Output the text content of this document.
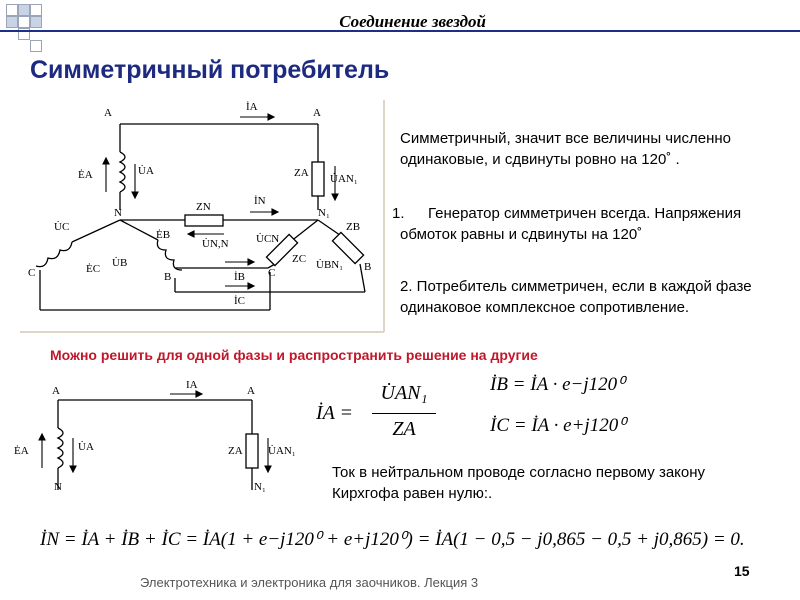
Соединение звездой
Симметричный потребитель
A	A
İA
ĖA	U̇A
N	N₁
ZA U̇AN₁
ZN	İN
U̇N,N
U̇C
ĖB
ĖC U̇B
C	B
U̇CN
ZC
ZB
U̇BN₁
C	B
İB
İC
Симметричный, значит все величины численно одинаковые, и сдвинуты ровно на 120˚ .
1.	Генератор симметричен всегда. Напряжения обмоток равны и сдвинуты на 120˚
2. Потребитель симметричен, если в каждой фазе одинаковое комплексное сопротивление.
Можно решить для одной фазы и распространить решение на другие
A	A
IA
ĖA	U̇A	ZA U̇AN₁
N	N₁
İA =
U̇AN₁
ZA
İB = İA · e−j120⁰
İC = İA · e+j120⁰
Ток в нейтральном проводе согласно первому закону Кирхгофа равен нулю:.
İN = İA + İB + İC = İA(1 + e−j120⁰ + e+j120⁰) = İA(1 − 0,5 − j0,865 − 0,5 + j0,865) = 0.
Электротехника и электроника для заочников. Лекция 3
15
